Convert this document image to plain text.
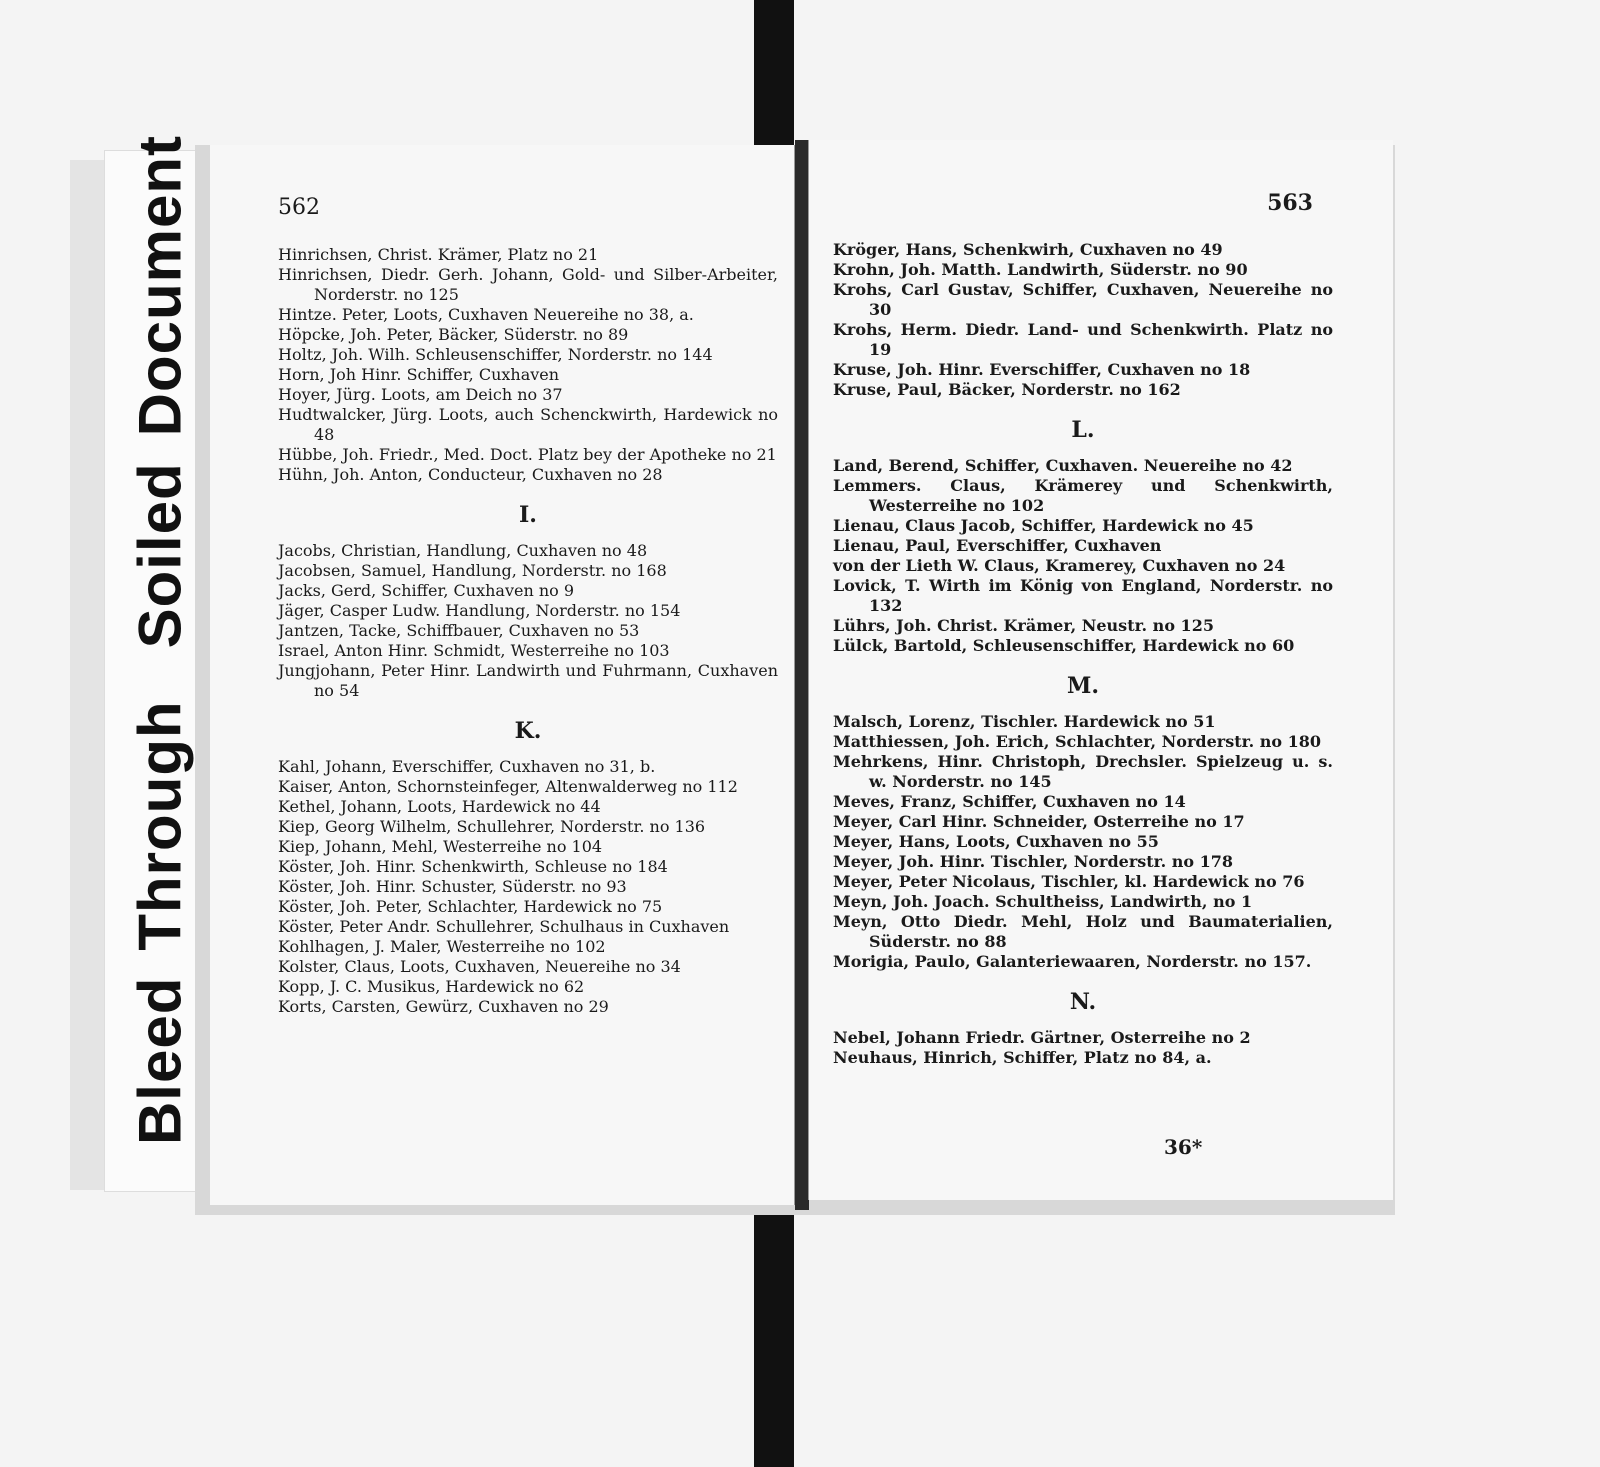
BleedThroughSoiledDocument	562
Hinrichsen, Christ. Krämer, Platz no 21
Hinrichsen, Diedr. Gerh. Johann, Gold- und Silber-Arbeiter, Norderstr. no 125
Hintze. Peter, Loots, Cuxhaven Neuereihe no 38, a.
Höpcke, Joh. Peter, Bäcker, Süderstr. no 89
Holtz, Joh. Wilh. Schleusenschiffer, Norderstr. no 144
Horn, Joh Hinr. Schiffer, Cuxhaven
Hoyer, Jürg. Loots, am Deich no 37
Hudtwalcker, Jürg. Loots, auch Schenckwirth, Hardewick no 48
Hübbe, Joh. Friedr., Med. Doct. Platz bey der Apotheke no 21
Hühn, Joh. Anton, Conducteur, Cuxhaven no 28
I.
Jacobs, Christian, Handlung, Cuxhaven no 48
Jacobsen, Samuel, Handlung, Norderstr. no 168
Jacks, Gerd, Schiffer, Cuxhaven no 9
Jäger, Casper Ludw. Handlung, Norderstr. no 154
Jantzen, Tacke, Schiffbauer, Cuxhaven no 53
Israel, Anton Hinr. Schmidt, Westerreihe no 103
Jungjohann, Peter Hinr. Landwirth und Fuhrmann, Cuxhaven no 54
K.
Kahl, Johann, Everschiffer, Cuxhaven no 31, b.
Kaiser, Anton, Schornsteinfeger, Altenwalderweg no 112
Kethel, Johann, Loots, Hardewick no 44
Kiep, Georg Wilhelm, Schullehrer, Norderstr. no 136
Kiep, Johann, Mehl, Westerreihe no 104
Köster, Joh. Hinr. Schenkwirth, Schleuse no 184
Köster, Joh. Hinr. Schuster, Süderstr. no 93
Köster, Joh. Peter, Schlachter, Hardewick no 75
Köster, Peter Andr. Schullehrer, Schulhaus in Cuxhaven
Kohlhagen, J. Maler, Westerreihe no 102
Kolster, Claus, Loots, Cuxhaven, Neuereihe no 34
Kopp, J. C. Musikus, Hardewick no 62
Korts, Carsten, Gewürz, Cuxhaven no 29
563
Kröger, Hans, Schenkwirh, Cuxhaven no 49
Krohn, Joh. Matth. Landwirth, Süderstr. no 90
Krohs, Carl Gustav, Schiffer, Cuxhaven, Neuereihe no 30
Krohs, Herm. Diedr. Land- und Schenkwirth. Platz no 19
Kruse, Joh. Hinr. Everschiffer, Cuxhaven no 18
Kruse, Paul, Bäcker, Norderstr. no 162
L.
Land, Berend, Schiffer, Cuxhaven. Neuereihe no 42
Lemmers. Claus, Krämerey und Schenkwirth, Westerreihe no 102
Lienau, Claus Jacob, Schiffer, Hardewick no 45
Lienau, Paul, Everschiffer, Cuxhaven
von der Lieth W. Claus, Kramerey, Cuxhaven no 24
Lovick, T. Wirth im König von England, Norderstr. no 132
Lührs, Joh. Christ. Krämer, Neustr. no 125
Lülck, Bartold, Schleusenschiffer, Hardewick no 60
M.
Malsch, Lorenz, Tischler. Hardewick no 51
Matthiessen, Joh. Erich, Schlachter, Norderstr. no 180
Mehrkens, Hinr. Christoph, Drechsler. Spielzeug u. s. w. Norderstr. no 145
Meves, Franz, Schiffer, Cuxhaven no 14
Meyer, Carl Hinr. Schneider, Osterreihe no 17
Meyer, Hans, Loots, Cuxhaven no 55
Meyer, Joh. Hinr. Tischler, Norderstr. no 178
Meyer, Peter Nicolaus, Tischler, kl. Hardewick no 76
Meyn, Joh. Joach. Schultheiss, Landwirth, no 1
Meyn, Otto Diedr. Mehl, Holz und Baumaterialien, Süderstr. no 88
Morigia, Paulo, Galanteriewaaren, Norderstr. no 157.
N.
Nebel, Johann Friedr. Gärtner, Osterreihe no 2
Neuhaus, Hinrich, Schiffer, Platz no 84, a.
36*
